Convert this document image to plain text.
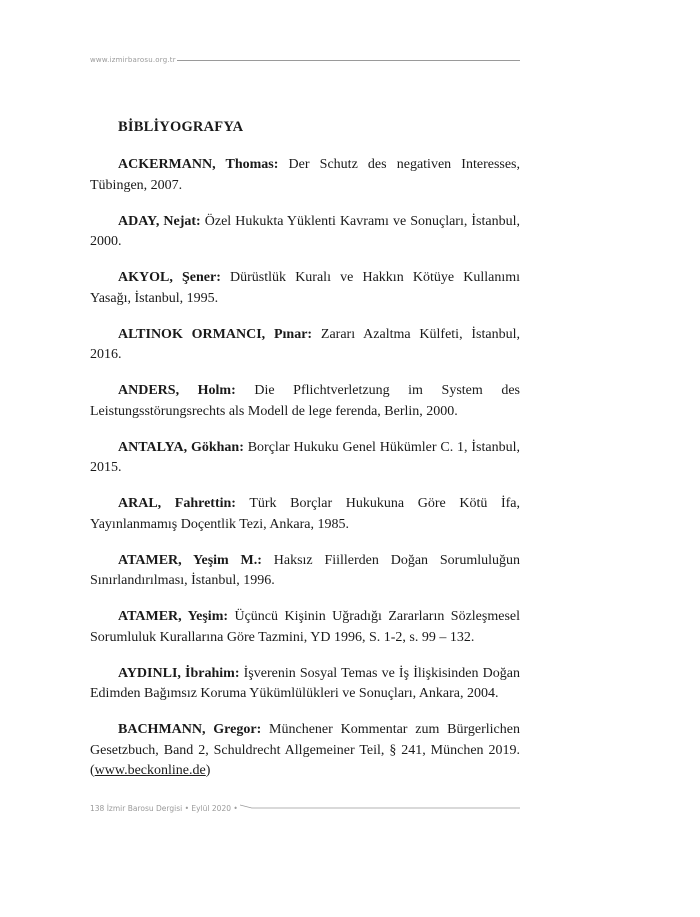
www.izmirbarosu.org.tr
BİBLİYOGRAFYA

ACKERMANN, Thomas: Der Schutz des negativen Interesses, Tübingen, 2007.

ADAY, Nejat: Özel Hukukta Yüklenti Kavramı ve Sonuçları, İstanbul, 2000.

AKYOL, Şener: Dürüstlük Kuralı ve Hakkın Kötüye Kullanımı Yasağı, İstanbul, 1995.

ALTINOK ORMANCI, Pınar: Zararı Azaltma Külfeti, İstanbul, 2016.

ANDERS, Holm: Die Pflichtverletzung im System des Leistungsstörungsrechts als Modell de lege ferenda, Berlin, 2000.

ANTALYA, Gökhan: Borçlar Hukuku Genel Hükümler C. 1, İstanbul, 2015.

ARAL, Fahrettin: Türk Borçlar Hukukuna Göre Kötü İfa, Yayınlanmamış Doçentlik Tezi, Ankara, 1985.

ATAMER, Yeşim M.: Haksız Fiillerden Doğan Sorumluluğun Sınırlandırılması, İstanbul, 1996.

ATAMER, Yeşim: Üçüncü Kişinin Uğradığı Zararların Sözleşmesel Sorumluluk Kurallarına Göre Tazmini, YD 1996, S. 1-2, s. 99 – 132.

AYDINLI, İbrahim: İşverenin Sosyal Temas ve İş İlişkisinden Doğan Edimden Bağımsız Koruma Yükümlülükleri ve Sonuçları, Ankara, 2004.

BACHMANN, Gregor: Münchener Kommentar zum Bürgerlichen Gesetzbuch, Band 2, Schuldrecht Allgemeiner Teil, § 241, München 2019. (www.beckonline.de)

138 İzmir Barosu Dergisi • Eylül 2020 •
